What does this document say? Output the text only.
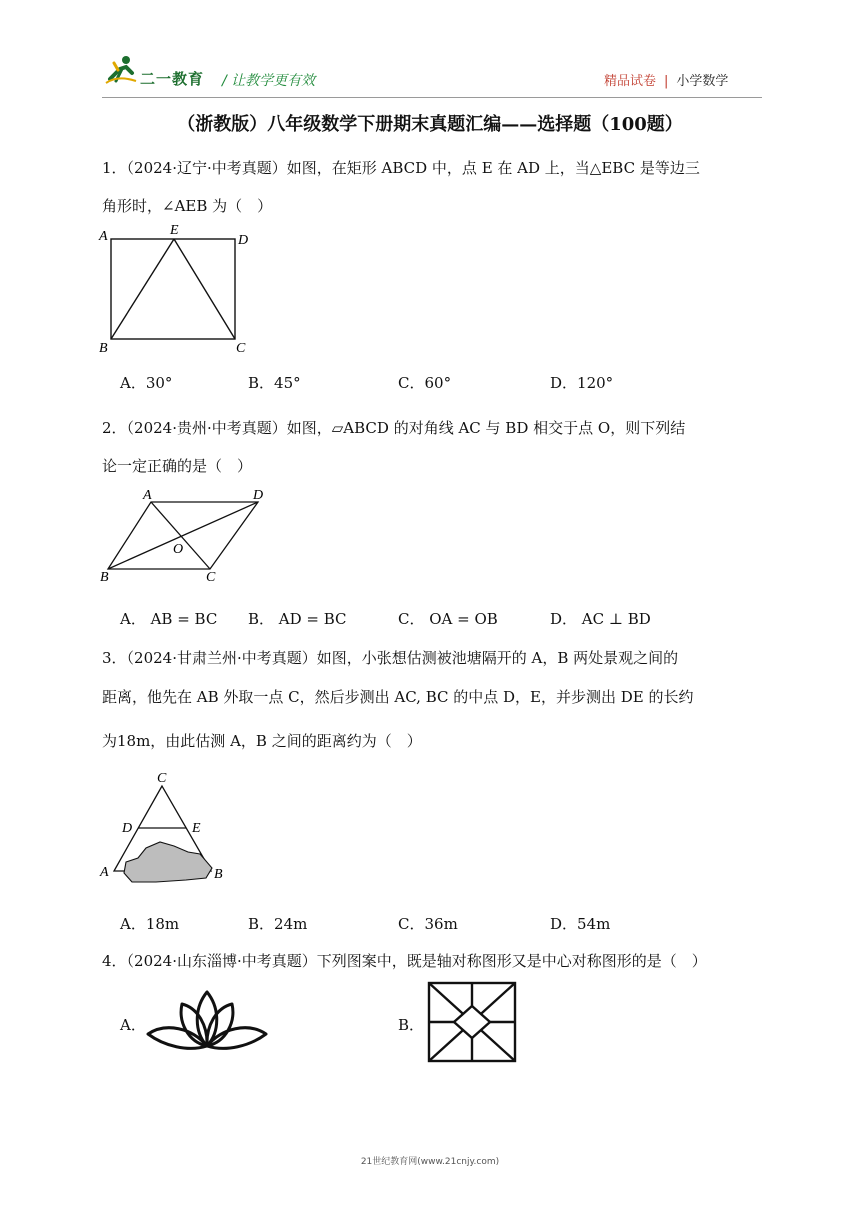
二一教育 / 让教学更有效	精品试卷 | 小学数学
（浙教版）八年级数学下册期末真题汇编——选择题（100题）
1．（2024·辽宁·中考真题）如图，在矩形 ABCD 中，点 E 在 AD 上，当△EBC 是等边三
角形时，∠AEB 为（　）
A	E
D
B	C
A．30°	B．45°	C．60°	D．120°
2．（2024·贵州·中考真题）如图，▱ABCD 的对角线 AC 与 BD 相交于点 O，则下列结
论一定正确的是（　）
A	D
O
B	C
A． AB = BC B． AD = BC	C． OA = OB	D． AC ⊥ BD
3．（2024·甘肃兰州·中考真题）如图，小张想估测被池塘隔开的 A，B 两处景观之间的
距离，他先在 AB 外取一点 C，然后步测出 AC, BC 的中点 D，E，并步测出 DE 的长约
为18m，由此估测 A，B 之间的距离约为（　）
C
D	E
A	B
A．18m	B．24m	C．36m	D．54m
4．（2024·山东淄博·中考真题）下列图案中，既是轴对称图形又是中心对称图形的是（　）
A．	B．
21世纪教育网(www.21cnjy.com)
